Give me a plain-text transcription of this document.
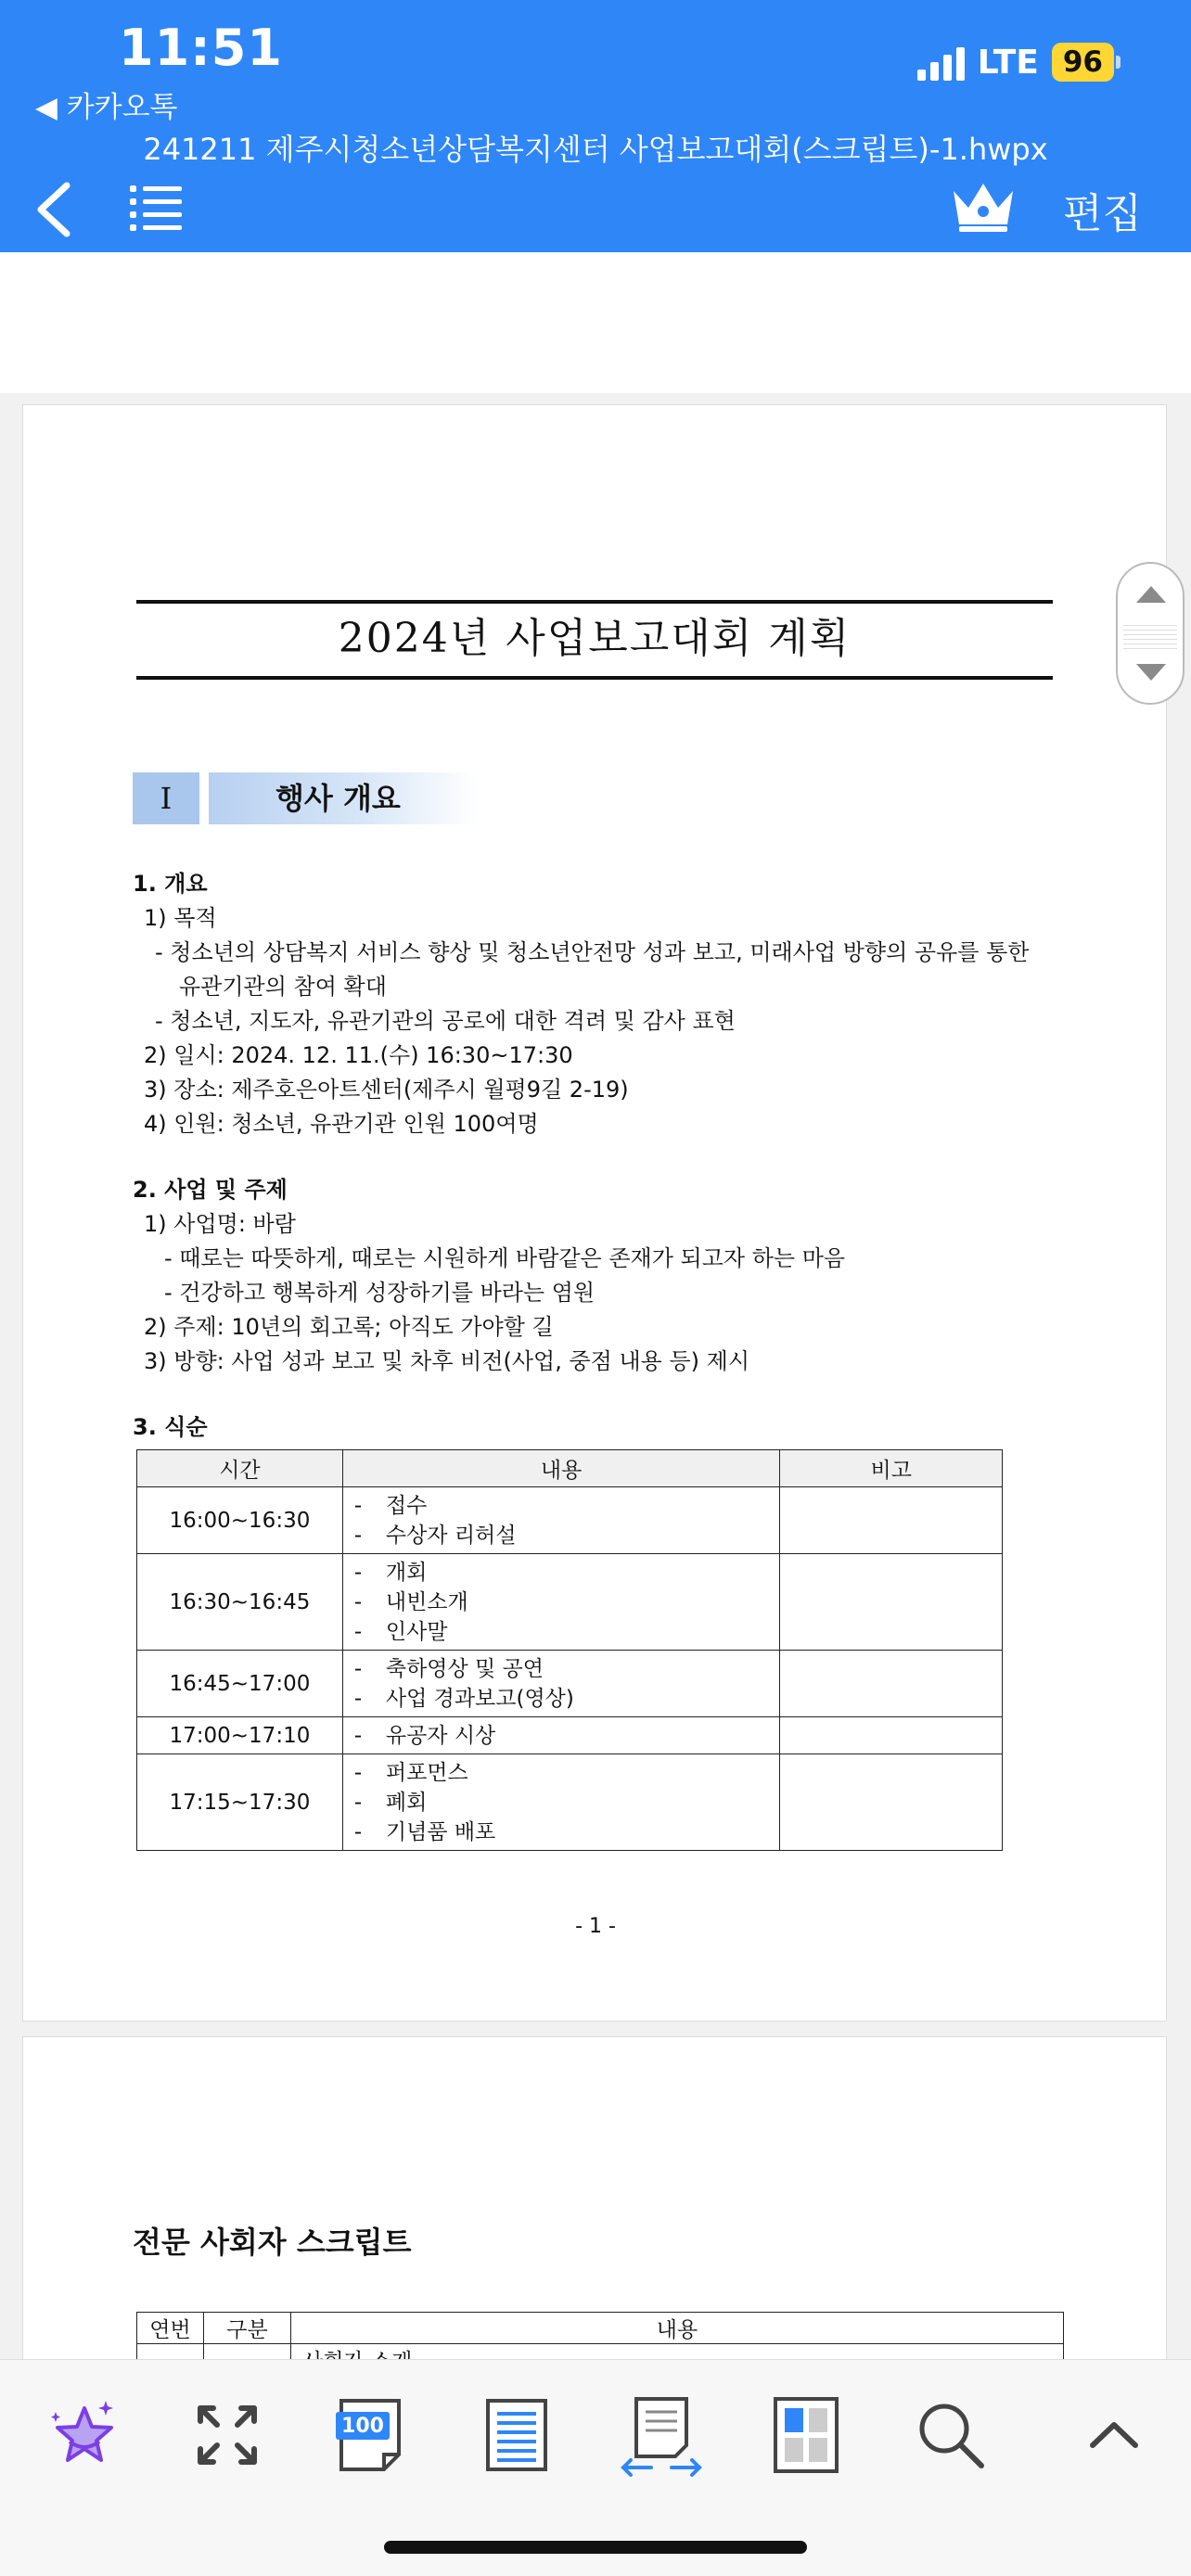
11:51
◀ 카카오톡
LTE 96
241211 제주시청소년상담복지센터 사업보고대회(스크립트)-1.hwpx
편집
2024년 사업보고대회 계획
Ⅰ	행사 개요
1. 개요
1) 목적
- 청소년의 상담복지 서비스 향상 및 청소년안전망 성과 보고, 미래사업 방향의 공유를 통한
유관기관의 참여 확대
- 청소년, 지도자, 유관기관의 공로에 대한 격려 및 감사 표현
2) 일시: 2024. 12. 11.(수) 16:30~17:30
3) 장소: 제주호은아트센터(제주시 월평9길 2-19)
4) 인원: 청소년, 유관기관 인원 100여명
2. 사업 및 주제
1) 사업명: 바람
- 때로는 따뜻하게, 때로는 시원하게 바람같은 존재가 되고자 하는 마음
- 건강하고 행복하게 성장하기를 바라는 염원
2) 주제: 10년의 회고록; 아직도 가야할 길
3) 방향: 사업 성과 보고 및 차후 비전(사업, 중점 내용 등) 제시
3. 식순
시간	내용	비고
16:00~16:30	- 접수
- 수상자 리허설	

16:30~16:45	- 개회
- 내빈소개
- 인사말	

16:45~17:00	- 축하영상 및 공연
- 사업 경과보고(영상)	

17:00~17:10	- 유공자 시상	

17:15~17:30	- 퍼포먼스
- 폐회
- 기념품 배포	

- 1 -
전문 사회자 스크립트
연번	구분	내용

100
